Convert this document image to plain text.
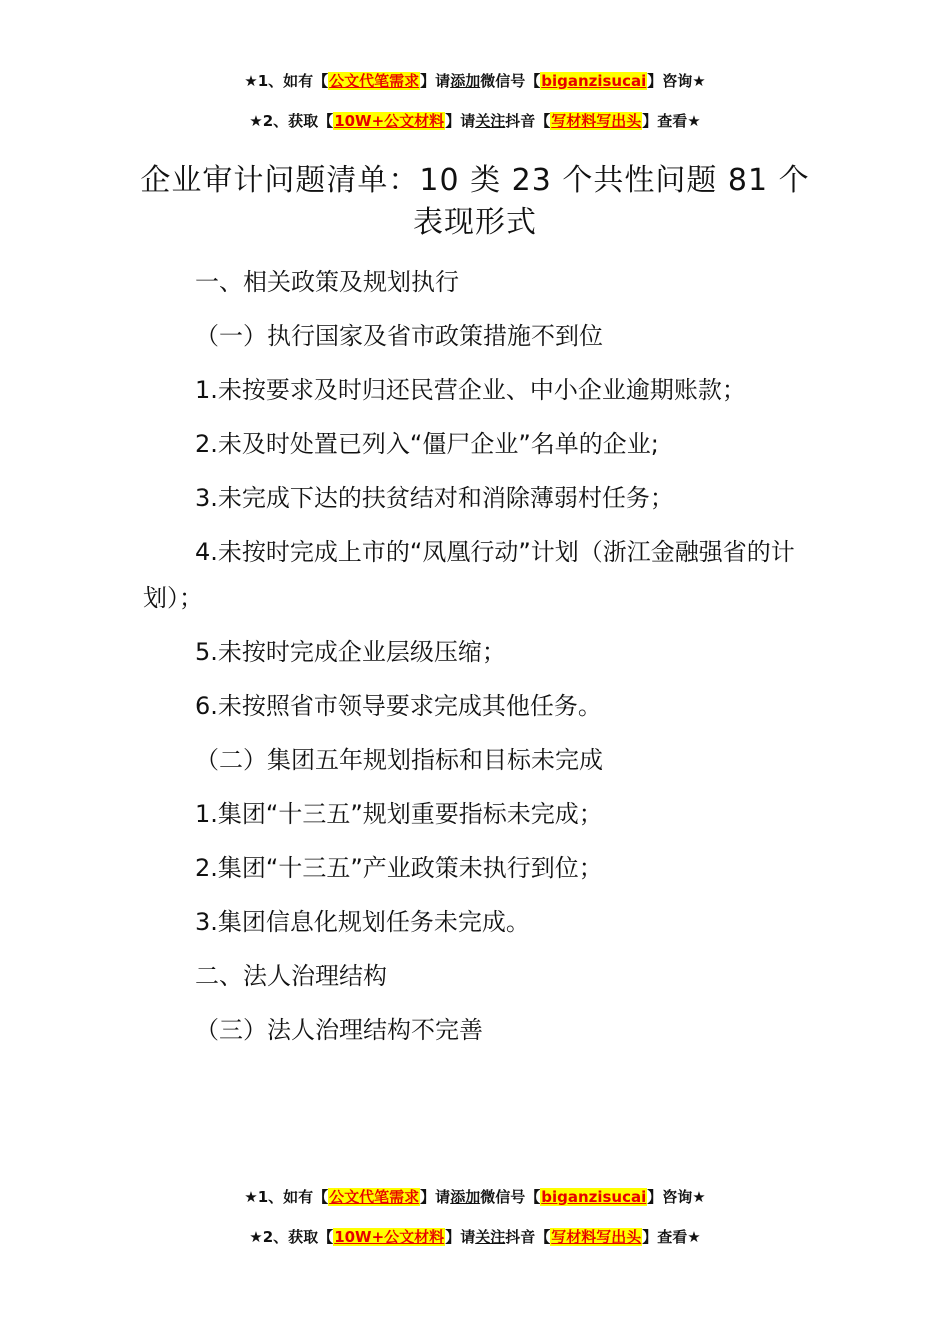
★1、如有【公文代笔需求】请添加微信号【biganzisucai】咨询★
★2、获取【10W+公文材料】请关注抖音【写材料写出头】查看★
企业审计问题清单：10 类 23 个共性问题 81 个表现形式
一、相关政策及规划执行
（一）执行国家及省市政策措施不到位
1.未按要求及时归还民营企业、中小企业逾期账款；
2.未及时处置已列入“僵尸企业”名单的企业;
3.未完成下达的扶贫结对和消除薄弱村任务；
4.未按时完成上市的“凤凰行动”计划（浙江金融强省的计划）；
5.未按时完成企业层级压缩；
6.未按照省市领导要求完成其他任务。
（二）集团五年规划指标和目标未完成
1.集团“十三五”规划重要指标未完成；
2.集团“十三五”产业政策未执行到位；
3.集团信息化规划任务未完成。
二、法人治理结构
（三）法人治理结构不完善
★1、如有【公文代笔需求】请添加微信号【biganzisucai】咨询★
★2、获取【10W+公文材料】请关注抖音【写材料写出头】查看★
